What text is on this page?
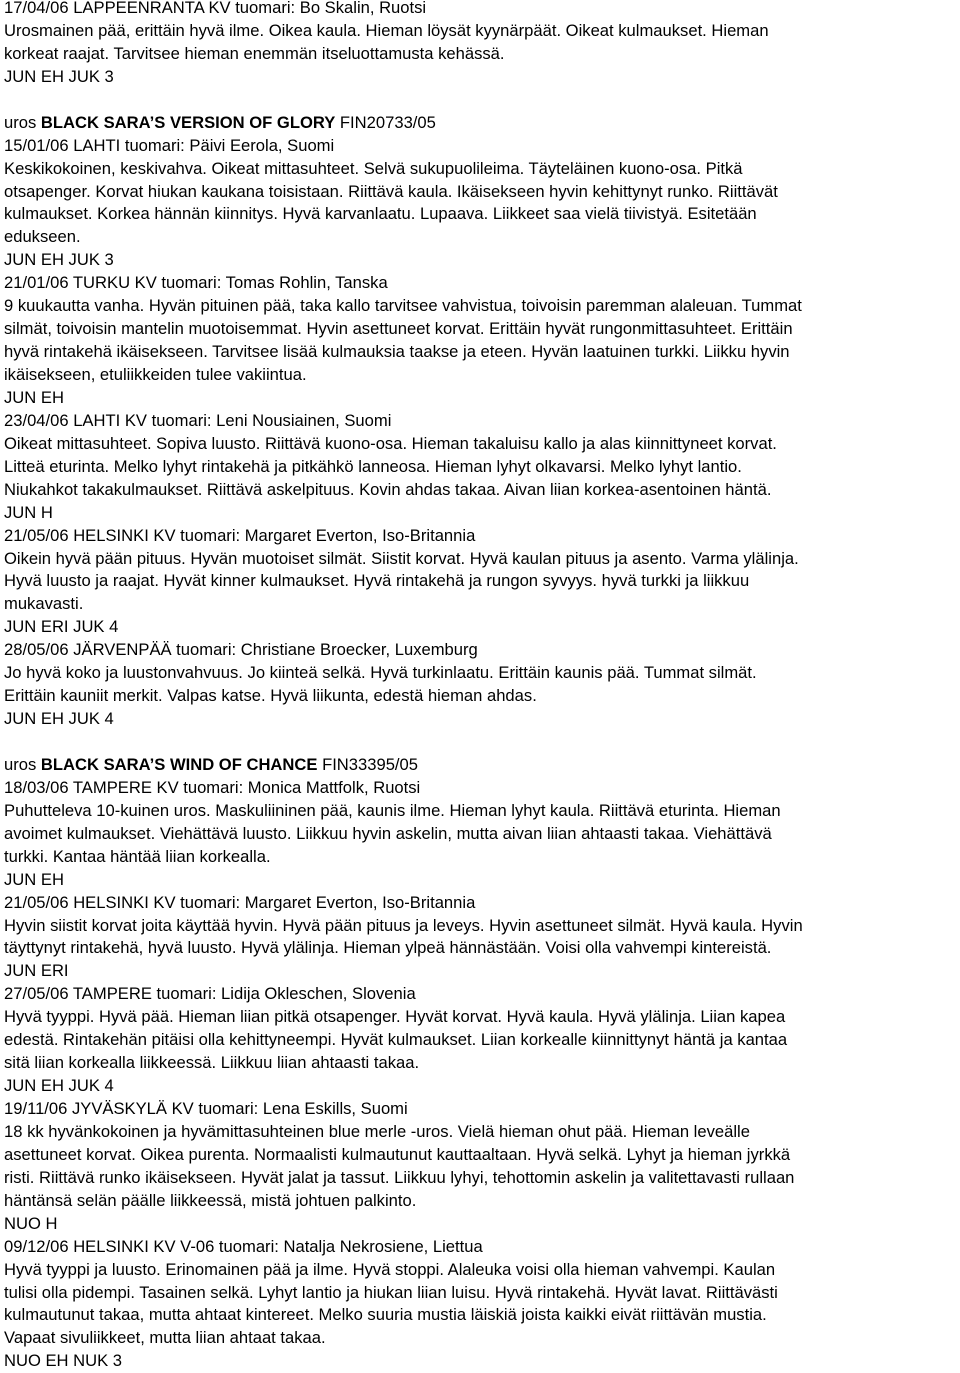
17/04/06 LAPPEENRANTA KV tuomari: Bo Skalin, Ruotsi
Urosmainen pää, erittäin hyvä ilme. Oikea kaula. Hieman löysät kyynärpäät. Oikeat kulmaukset. Hieman
korkeat raajat. Tarvitsee hieman enemmän itseluottamusta kehässä.
JUN EH JUK 3
uros BLACK SARA’S VERSION OF GLORY FIN20733/05
15/01/06 LAHTI tuomari: Päivi Eerola, Suomi
Keskikokoinen, keskivahva. Oikeat mittasuhteet. Selvä sukupuolileima. Täyteläinen kuono-osa. Pitkä
otsapenger. Korvat hiukan kaukana toisistaan. Riittävä kaula. Ikäisekseen hyvin kehittynyt runko. Riittävät
kulmaukset. Korkea hännän kiinnitys. Hyvä karvanlaatu. Lupaava. Liikkeet saa vielä tiivistyä. Esitetään
edukseen.
JUN EH JUK 3
21/01/06 TURKU KV tuomari: Tomas Rohlin, Tanska
9 kuukautta vanha. Hyvän pituinen pää, taka kallo tarvitsee vahvistua, toivoisin paremman alaleuan. Tummat
silmät, toivoisin mantelin muotoisemmat. Hyvin asettuneet korvat. Erittäin hyvät rungonmittasuhteet. Erittäin
hyvä rintakehä ikäisekseen. Tarvitsee lisää kulmauksia taakse ja eteen. Hyvän laatuinen turkki. Liikku hyvin
ikäisekseen, etuliikkeiden tulee vakiintua.
JUN EH
23/04/06 LAHTI KV tuomari: Leni Nousiainen, Suomi
Oikeat mittasuhteet. Sopiva luusto. Riittävä kuono-osa. Hieman takaluisu kallo ja alas kiinnittyneet korvat.
Litteä eturinta. Melko lyhyt rintakehä ja pitkähkö lanneosa. Hieman lyhyt olkavarsi. Melko lyhyt lantio.
Niukahkot takakulmaukset. Riittävä askelpituus. Kovin ahdas takaa. Aivan liian korkea-asentoinen häntä.
JUN H
21/05/06 HELSINKI KV tuomari: Margaret Everton, Iso-Britannia
Oikein hyvä pään pituus. Hyvän muotoiset silmät. Siistit korvat. Hyvä kaulan pituus ja asento. Varma ylälinja.
Hyvä luusto ja raajat. Hyvät kinner kulmaukset. Hyvä rintakehä ja rungon syvyys. hyvä turkki ja liikkuu
mukavasti.
JUN ERI JUK 4
28/05/06 JÄRVENPÄÄ tuomari: Christiane Broecker, Luxemburg
Jo hyvä koko ja luustonvahvuus. Jo kiinteä selkä. Hyvä turkinlaatu. Erittäin kaunis pää. Tummat silmät.
Erittäin kauniit merkit. Valpas katse. Hyvä liikunta, edestä hieman ahdas.
JUN EH JUK 4
uros BLACK SARA’S WIND OF CHANCE FIN33395/05
18/03/06 TAMPERE KV tuomari: Monica Mattfolk, Ruotsi
Puhutteleva 10-kuinen uros. Maskuliininen pää, kaunis ilme. Hieman lyhyt kaula. Riittävä eturinta. Hieman
avoimet kulmaukset. Viehättävä luusto. Liikkuu hyvin askelin, mutta aivan liian ahtaasti takaa. Viehättävä
turkki. Kantaa häntää liian korkealla.
JUN EH
21/05/06 HELSINKI KV tuomari: Margaret Everton, Iso-Britannia
Hyvin siistit korvat joita käyttää hyvin. Hyvä pään pituus ja leveys. Hyvin asettuneet silmät. Hyvä kaula. Hyvin
täyttynyt rintakehä, hyvä luusto. Hyvä ylälinja. Hieman ylpeä hännästään. Voisi olla vahvempi kintereistä.
JUN ERI
27/05/06 TAMPERE tuomari: Lidija Okleschen, Slovenia
Hyvä tyyppi. Hyvä pää. Hieman liian pitkä otsapenger. Hyvät korvat. Hyvä kaula. Hyvä ylälinja. Liian kapea
edestä. Rintakehän pitäisi olla kehittyneempi. Hyvät kulmaukset. Liian korkealle kiinnittynyt häntä ja kantaa
sitä liian korkealla liikkeessä. Liikkuu liian ahtaasti takaa.
JUN EH JUK 4
19/11/06 JYVÄSKYLÄ KV tuomari: Lena Eskills, Suomi
18 kk hyvänkokoinen ja hyvämittasuhteinen blue merle -uros. Vielä hieman ohut pää. Hieman leveälle
asettuneet korvat. Oikea purenta. Normaalisti kulmautunut kauttaaltaan. Hyvä selkä. Lyhyt ja hieman jyrkkä
risti. Riittävä runko ikäisekseen. Hyvät jalat ja tassut. Liikkuu lyhyi, tehottomin askelin ja valitettavasti rullaan
häntänsä selän päälle liikkeessä, mistä johtuen palkinto.
NUO H
09/12/06 HELSINKI KV V-06 tuomari: Natalja Nekrosiene, Liettua
Hyvä tyyppi ja luusto. Erinomainen pää ja ilme. Hyvä stoppi. Alaleuka voisi olla hieman vahvempi. Kaulan
tulisi olla pidempi. Tasainen selkä. Lyhyt lantio ja hiukan liian luisu. Hyvä rintakehä. Hyvät lavat. Riittävästi
kulmautunut takaa, mutta ahtaat kintereet. Melko suuria mustia läiskiä joista kaikki eivät riittävän mustia.
Vapaat sivuliikkeet, mutta liian ahtaat takaa.
NUO EH NUK 3
